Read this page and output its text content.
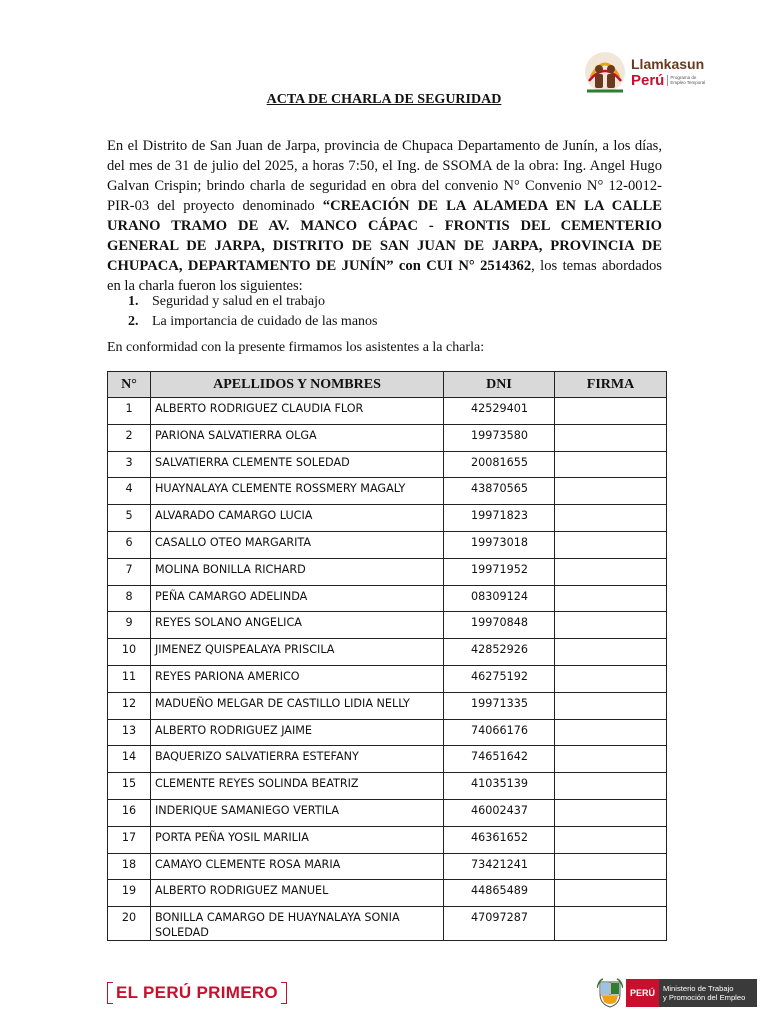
Llamkasun
Perú	Programa de Empleo Temporal
ACTA DE CHARLA DE SEGURIDAD
En el Distrito de San Juan de Jarpa, provincia de Chupaca Departamento de Junín, a los días, del mes de 31 de julio del 2025, a horas 7:50, el Ing. de SSOMA de la obra: Ing. Angel Hugo Galvan Crispin; brindo charla de seguridad en obra del convenio N° Convenio N° 12-0012-PIR-03 del proyecto denominado “CREACIÓN DE LA ALAMEDA EN LA CALLE URANO TRAMO DE AV. MANCO CÁPAC - FRONTIS DEL CEMENTERIO GENERAL DE JARPA, DISTRITO DE SAN JUAN DE JARPA, PROVINCIA DE CHUPACA, DEPARTAMENTO DE JUNÍN” con CUI N° 2514362, los temas abordados en la charla fueron los siguientes:
1. Seguridad y salud en el trabajo
2. La importancia de cuidado de las manos
En conformidad con la presente firmamos los asistentes a la charla:
N°	APELLIDOS Y NOMBRES	DNI	FIRMA
1	ALBERTO RODRIGUEZ CLAUDIA FLOR	42529401	
2	PARIONA SALVATIERRA OLGA	19973580	
3	SALVATIERRA CLEMENTE SOLEDAD	20081655	
4	HUAYNALAYA CLEMENTE ROSSMERY MAGALY	43870565	
5	ALVARADO CAMARGO LUCIA	19971823	
6	CASALLO OTEO MARGARITA	19973018	
7	MOLINA BONILLA RICHARD	19971952	
8	PEÑA CAMARGO ADELINDA	08309124	
9	REYES SOLANO ANGELICA	19970848	
10	JIMENEZ QUISPEALAYA PRISCILA	42852926	
11	REYES PARIONA AMERICO	46275192	
12	MADUEÑO MELGAR DE CASTILLO LIDIA NELLY	19971335	
13	ALBERTO RODRIGUEZ JAIME	74066176	
14	BAQUERIZO SALVATIERRA ESTEFANY	74651642	
15	CLEMENTE REYES SOLINDA BEATRIZ	41035139	
16	INDERIQUE SAMANIEGO VERTILA	46002437	
17	PORTA PEÑA YOSIL MARILIA	46361652	
18	CAMAYO CLEMENTE ROSA MARIA	73421241	
19	ALBERTO RODRIGUEZ MANUEL	44865489	
20	BONILLA CAMARGO DE HUAYNALAYA SONIA SOLEDAD	47097287	
EL PERÚ PRIMERO	PERÚ	Ministerio de Trabajo
y Promoción del Empleo
